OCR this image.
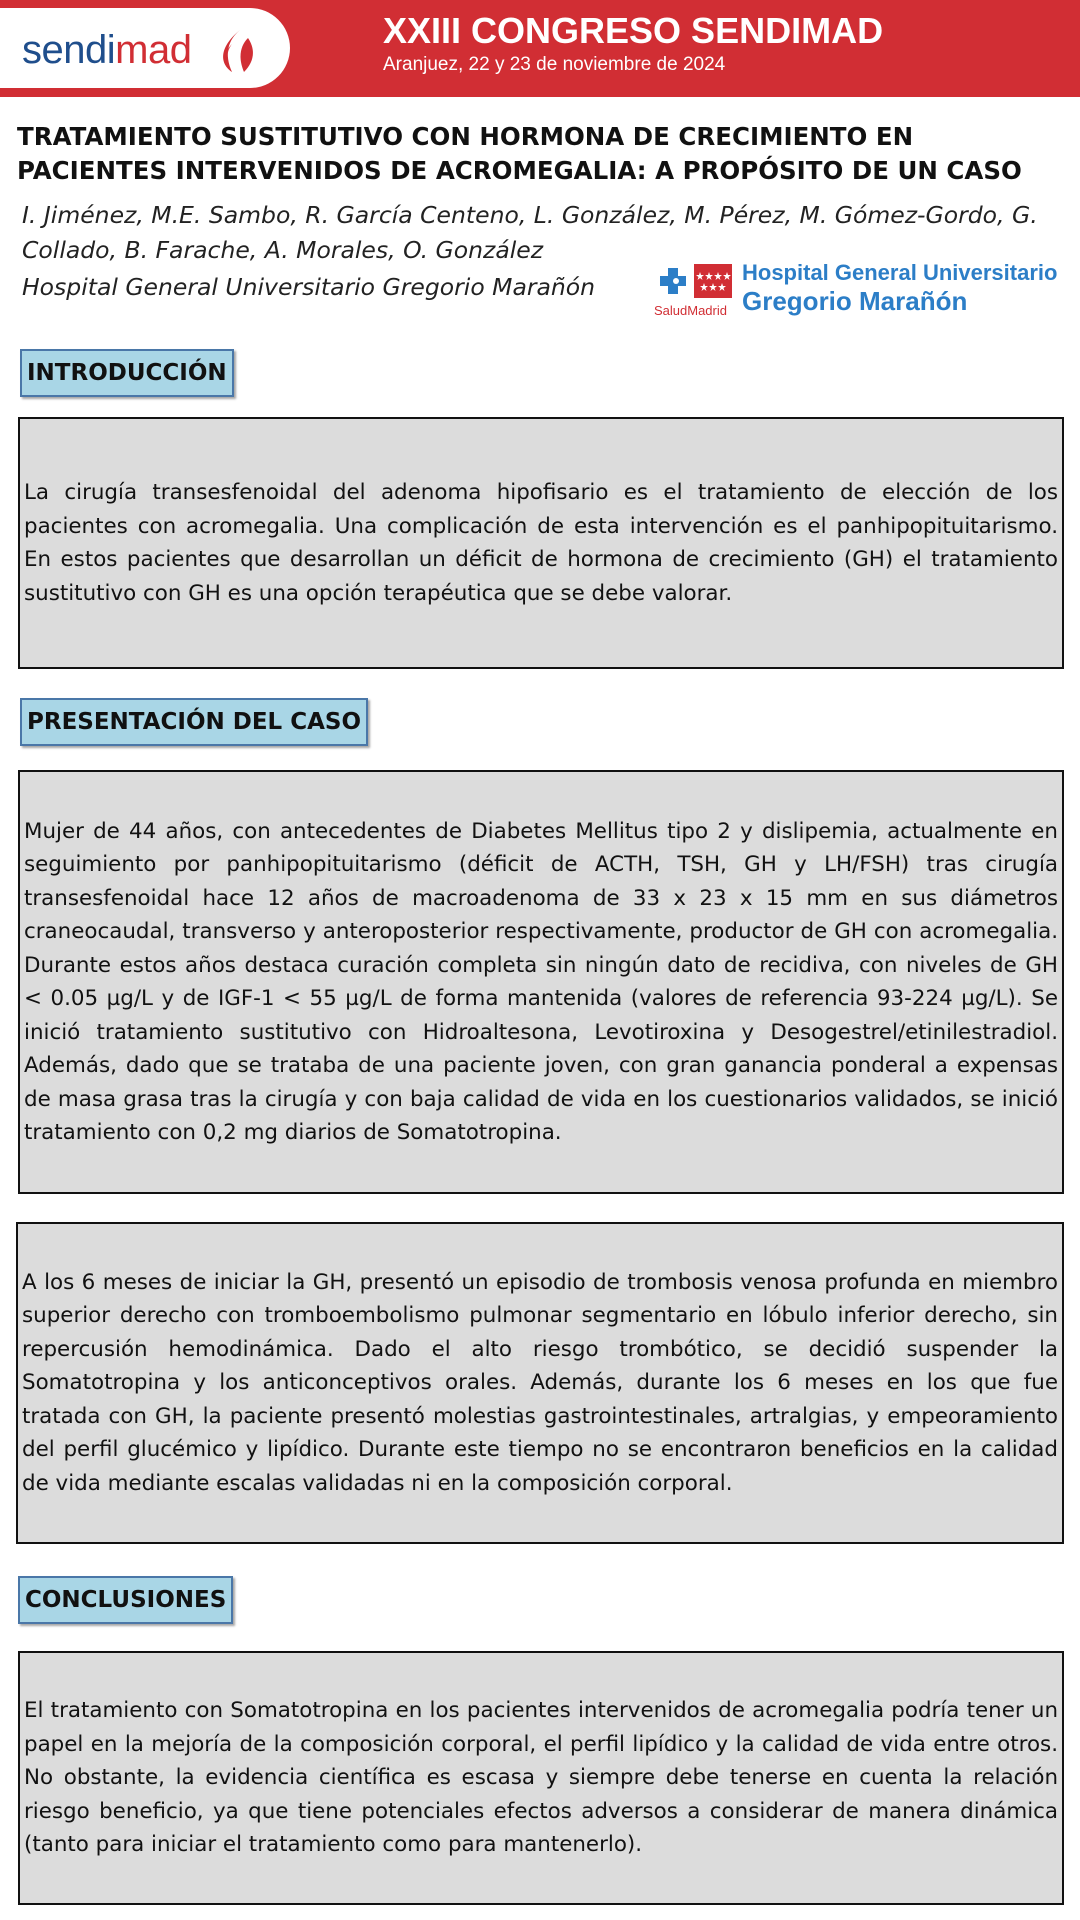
sendimad	XXIII CONGRESO SENDIMAD
Aranjuez, 22 y 23 de noviembre de 2024
TRATAMIENTO SUSTITUTIVO CON HORMONA DE CRECIMIENTO EN PACIENTES INTERVENIDOS DE ACROMEGALIA: A PROPÓSITO DE UN CASO
I. Jiménez, M.E. Sambo, R. García Centeno, L. González, M. Pérez, M. Gómez-Gordo, G. Collado, B. Farache, A. Morales, O. González
Hospital General Universitario Gregorio Marañón
SaludMadrid
Hospital General Universitario
Gregorio Marañón
INTRODUCCIÓN

La cirugía transesfenoidal del adenoma hipofisario es el tratamiento de elección de los pacientes con acromegalia. Una complicación de esta intervención es el panhipopituitarismo. En estos pacientes que desarrollan un déficit de hormona de crecimiento (GH) el tratamiento sustitutivo con GH es una opción terapéutica que se debe valorar.

PRESENTACIÓN DEL CASO

Mujer de 44 años, con antecedentes de Diabetes Mellitus tipo 2 y dislipemia, actualmente en seguimiento por panhipopituitarismo (déficit de ACTH, TSH, GH y LH/FSH) tras cirugía transesfenoidal hace 12 años de macroadenoma de 33 x 23 x 15 mm en sus diámetros craneocaudal, transverso y anteroposterior respectivamente, productor de GH con acromegalia. Durante estos años destaca curación completa sin ningún dato de recidiva, con niveles de GH < 0.05 µg/L y de IGF-1 < 55 µg/L de forma mantenida (valores de referencia 93-224 µg/L). Se inició tratamiento sustitutivo con Hidroaltesona, Levotiroxina y Desogestrel/etinilestradiol. Además, dado que se trataba de una paciente joven, con gran ganancia ponderal a expensas de masa grasa tras la cirugía y con baja calidad de vida en los cuestionarios validados, se inició tratamiento con 0,2 mg diarios de Somatotropina.

A los 6 meses de iniciar la GH, presentó un episodio de trombosis venosa profunda en miembro superior derecho con tromboembolismo pulmonar segmentario en lóbulo inferior derecho, sin repercusión hemodinámica. Dado el alto riesgo trombótico, se decidió suspender la Somatotropina y los anticonceptivos orales. Además, durante los 6 meses en los que fue tratada con GH, la paciente presentó molestias gastrointestinales, artralgias, y empeoramiento del perfil glucémico y lipídico. Durante este tiempo no se encontraron beneficios en la calidad de vida mediante escalas validadas ni en la composición corporal.

CONCLUSIONES

El tratamiento con Somatotropina en los pacientes intervenidos de acromegalia podría tener un papel en la mejoría de la composición corporal, el perfil lipídico y la calidad de vida entre otros. No obstante, la evidencia científica es escasa y siempre debe tenerse en cuenta la relación riesgo beneficio, ya que tiene potenciales efectos adversos a considerar de manera dinámica (tanto para iniciar el tratamiento como para mantenerlo).
